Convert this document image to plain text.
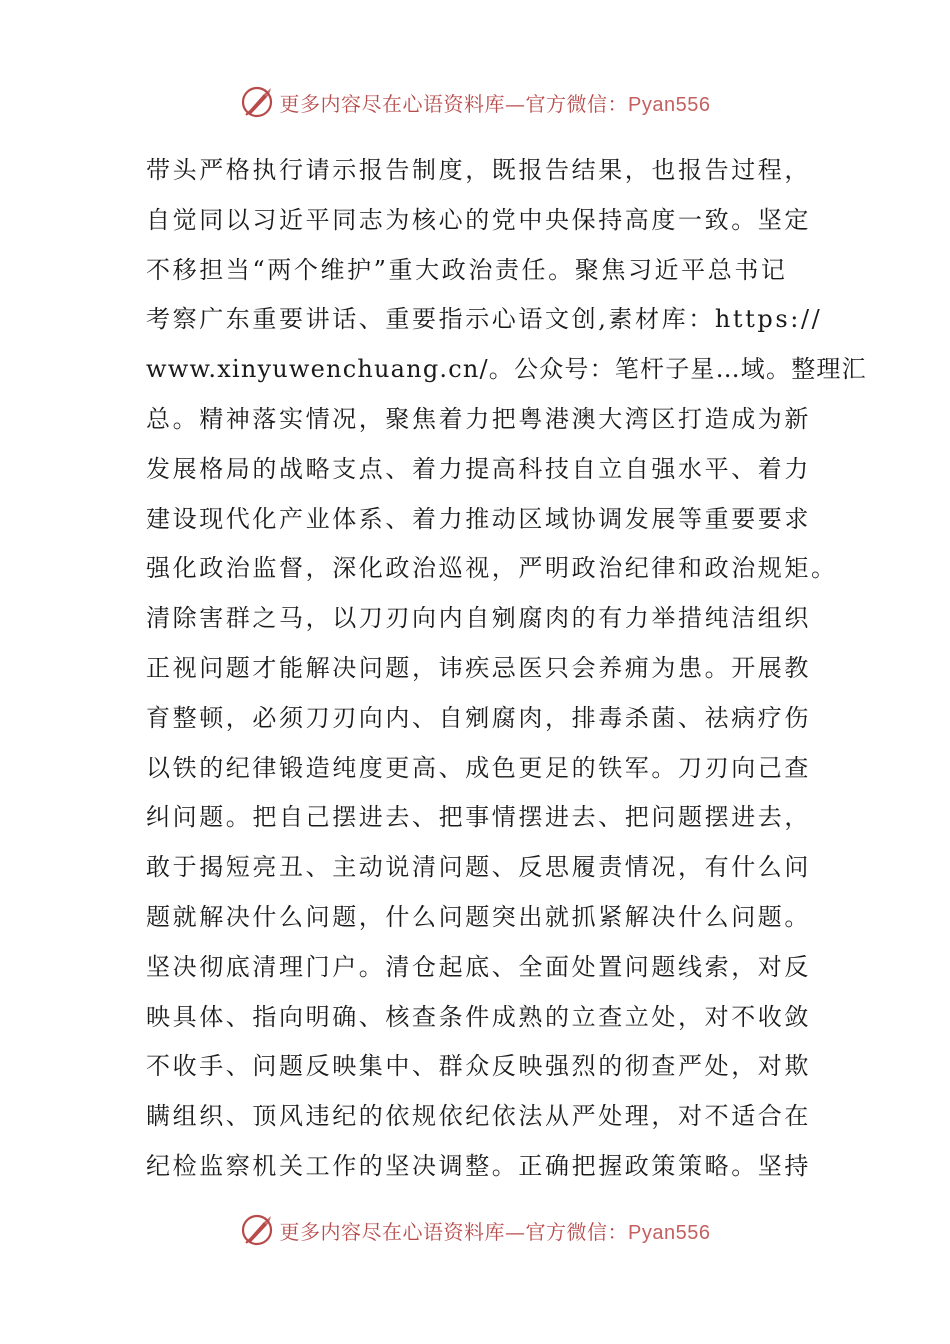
更多内容尽在心语资料库—官方微信：Pyan556
带头严格执行请示报告制度，既报告结果，也报告过程，
自觉同以习近平同志为核心的党中央保持高度一致。坚定
不移担当“两个维护”重大政治责任。聚焦习近平总书记
考察广东重要讲话、重要指示心语文创,素材库：https://
www.xinyuwenchuang.cn/。公众号：笔杆子星…域。整理汇
总。精神落实情况，聚焦着力把粤港澳大湾区打造成为新
发展格局的战略支点、着力提高科技自立自强水平、着力
建设现代化产业体系、着力推动区域协调发展等重要要求
强化政治监督，深化政治巡视，严明政治纪律和政治规矩。
清除害群之马，以刀刃向内自剜腐肉的有力举措纯洁组织
正视问题才能解决问题，讳疾忌医只会养痈为患。开展教
育整顿，必须刀刃向内、自剜腐肉，排毒杀菌、祛病疗伤
以铁的纪律锻造纯度更高、成色更足的铁军。刀刃向己查
纠问题。把自己摆进去、把事情摆进去、把问题摆进去，
敢于揭短亮丑、主动说清问题、反思履责情况，有什么问
题就解决什么问题，什么问题突出就抓紧解决什么问题。
坚决彻底清理门户。清仓起底、全面处置问题线索，对反
映具体、指向明确、核查条件成熟的立查立处，对不收敛
不收手、问题反映集中、群众反映强烈的彻查严处，对欺
瞒组织、顶风违纪的依规依纪依法从严处理，对不适合在
纪检监察机关工作的坚决调整。正确把握政策策略。坚持
更多内容尽在心语资料库—官方微信：Pyan556
